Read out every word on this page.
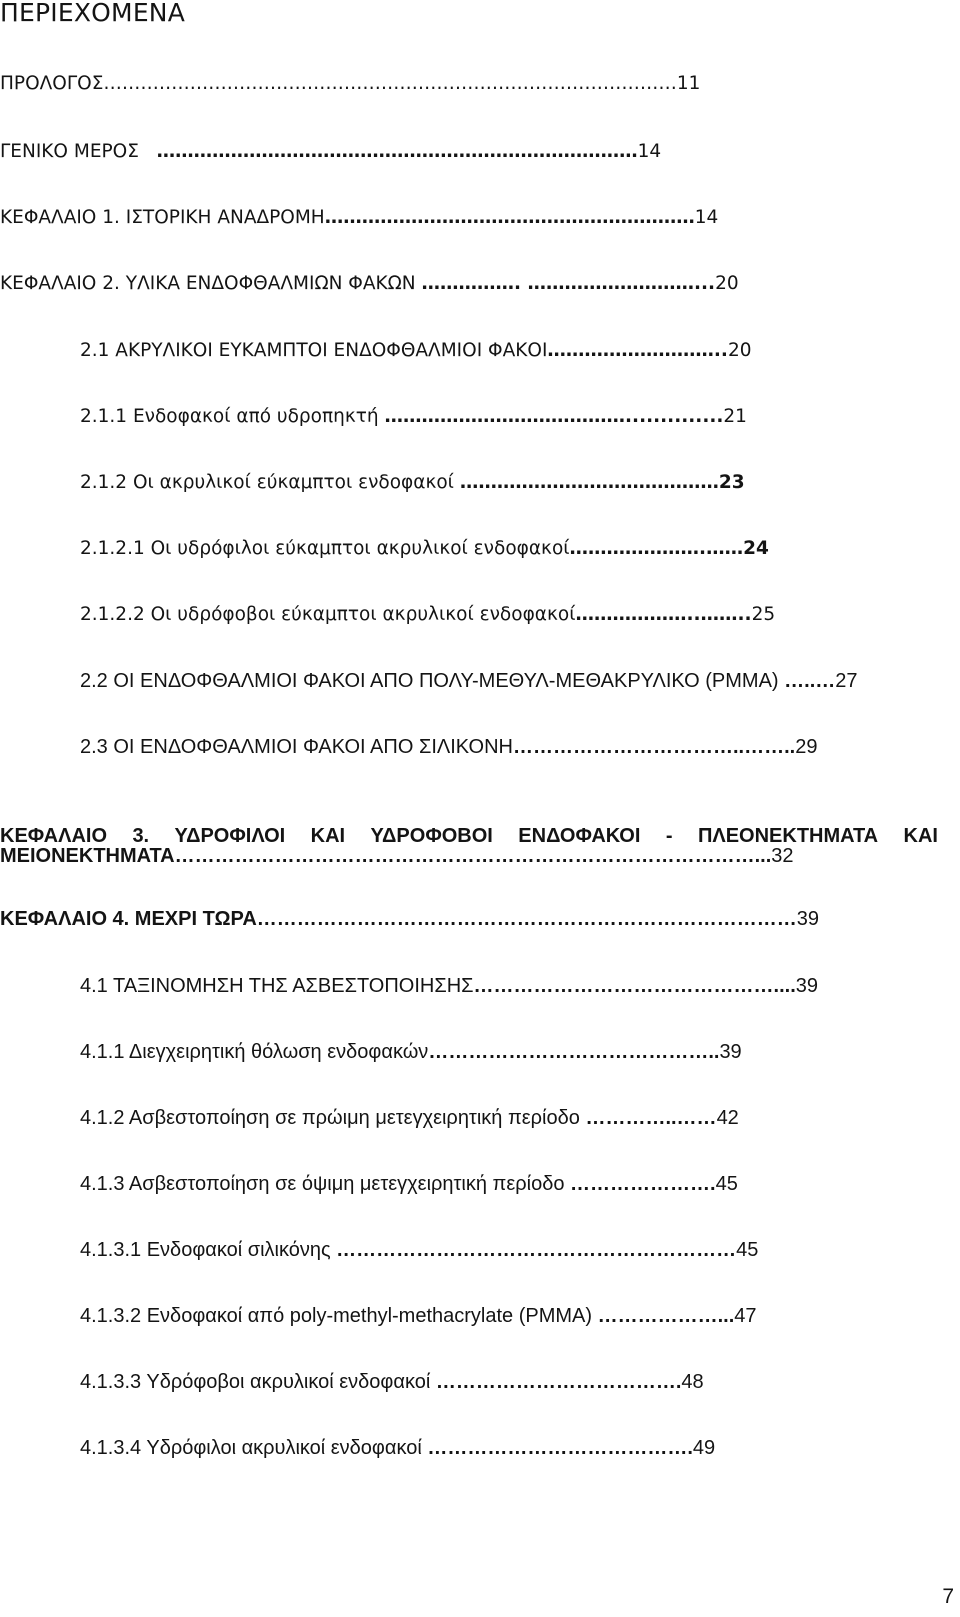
ΠΕΡΙΕΧΟΜΕΝΑ
ΠΡΟΛΟΓΟΣ…………………………………………………………………………………11
ΓΕΝΙΚΟ ΜΕΡΟΣ ……………………………………………………………………14
ΚΕΦΑΛΑΙΟ 1. ΙΣΤΟΡΙΚΗ ΑΝΑΔΡΟΜΗ……………………………………………………14
ΚΕΦΑΛΑΙΟ 2. ΥΛΙΚΑ ΕΝΔΟΦΘΑΛΜΙΩΝ ΦΑΚΩΝ ……………. ………………………...20
2.1 ΑΚΡΥΛΙΚΟΙ ΕΥΚΑΜΠΤΟΙ ΕΝΔΟΦΘΑΛΜΙΟΙ ΦΑΚΟΙ………………………..20
2.1.1 Ενδοφακοί από υδροπηκτή …………………………………..............21
2.1.2 Οι ακρυλικοί εύκαμπτοι ενδοφακοί ……………………………………23
2.1.2.1 Οι υδρόφιλοι εύκαμπτοι ακρυλικοί ενδοφακοί………………….……24
2.1.2.2 Οι υδρόφοβοι εύκαμπτοι ακρυλικοί ενδοφακοί………………..……..25
2.2 ΟΙ ΕΝΔΟΦΘΑΛΜΙΟΙ ΦΑΚΟΙ ΑΠΟ ΠΟΛΥ-ΜΕΘΥΛ-ΜΕΘΑΚΡΥΛΙΚΟ (PMMA) …..…27
2.3 ΟΙ ΕΝΔΟΦΘΑΛΜΙΟΙ ΦΑΚΟΙ ΑΠΟ ΣΙΛΙΚΟΝΗ……………………………..……..29
ΚΕΦΑΛΑΙΟ 3. ΥΔΡΟΦΙΛΟΙ ΚΑΙ ΥΔΡΟΦΟΒΟΙ ΕΝΔΟΦΑΚΟΙ - ΠΛΕΟΝΕΚΤΗΜΑΤΑ ΚΑΙ
ΜΕΙΟΝΕΚΤΗΜΑΤΑ……………………………………………………………………………...32
ΚΕΦΑΛΑΙΟ 4. ΜΕΧΡΙ ΤΩΡΑ………………………………………………………………………39
4.1 ΤΑΞΙΝΟΜΗΣΗ ΤΗΣ ΑΣΒΕΣΤΟΠΟΙΗΣΗΣ………………………………………....39
4.1.1 Διεγχειρητική θόλωση ενδοφακών……………………………………..39
4.1.2 Ασβεστοποίηση σε πρώιμη μετεγχειρητική περίοδο …………..……42
4.1.3 Ασβεστοποίηση σε όψιμη μετεγχειρητική περίοδο ………………….45
4.1.3.1 Ενδοφακοί σιλικόνης ……………………………………………………45
4.1.3.2 Ενδοφακοί από poly-methyl-methacrylate (PMMA) ………………...47
4.1.3.3 Υδρόφοβοι ακρυλικοί ενδοφακοί ……………………………….48
4.1.3.4 Υδρόφιλοι ακρυλικοί ενδοφακοί ………………………………….49
7
